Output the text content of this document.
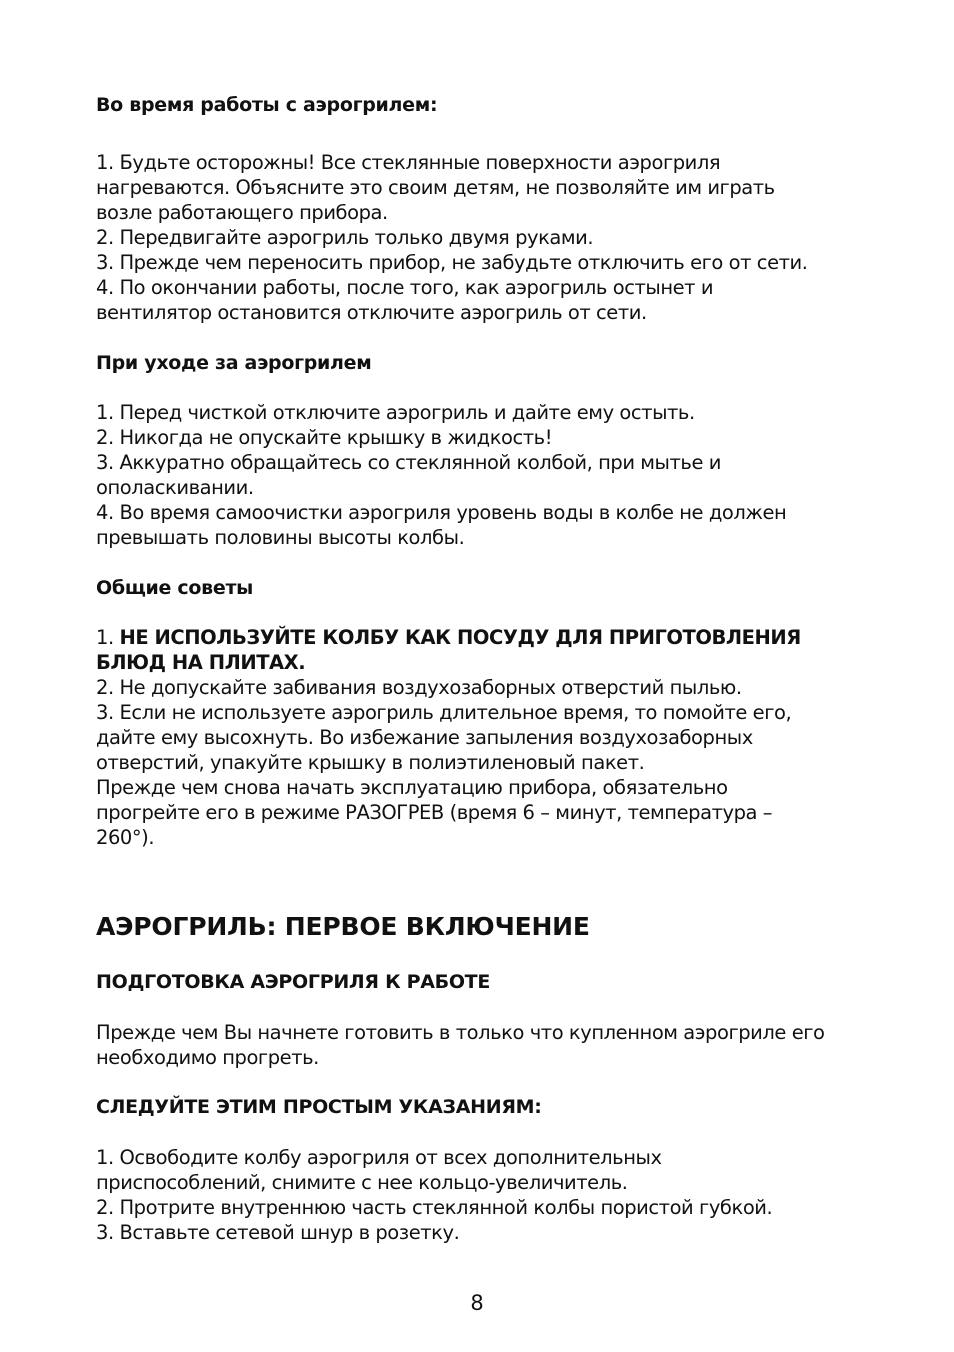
Во время работы с аэрогрилем:
1. Будьте осторожны! Все стеклянные поверхности аэрогриля
нагреваются. Объясните это своим детям, не позволяйте им играть
возле работающего прибора.
2. Передвигайте аэрогриль только двумя руками.
3. Прежде чем переносить прибор, не забудьте отключить его от сети.
4. По окончании работы, после того, как аэрогриль остынет и
вентилятор остановится отключите аэрогриль от сети.
При уходе за аэрогрилем
1. Перед чисткой отключите аэрогриль и дайте ему остыть.
2. Никогда не опускайте крышку в жидкость!
3. Аккуратно обращайтесь со стеклянной колбой, при мытье и
ополаскивании.
4. Во время самоочистки аэрогриля уровень воды в колбе не должен
превышать половины высоты колбы.
Общие советы
1. НЕ ИСПОЛЬЗУЙТЕ КОЛБУ КАК ПОСУДУ ДЛЯ ПРИГОТОВЛЕНИЯ
БЛЮД НА ПЛИТАХ.
2. Не допускайте забивания воздухозаборных отверстий пылью.
3. Если не используете аэрогриль длительное время, то помойте его,
дайте ему высохнуть. Во избежание запыления воздухозаборных
отверстий, упакуйте крышку в полиэтиленовый пакет.
Прежде чем снова начать эксплуатацию прибора, обязательно
прогрейте его в режиме РАЗОГРЕВ (время 6 – минут, температура –
260°).
АЭРОГРИЛЬ: ПЕРВОЕ ВКЛЮЧЕНИЕ
ПОДГОТОВКА АЭРОГРИЛЯ К РАБОТЕ
Прежде чем Вы начнете готовить в только что купленном аэрогриле его
необходимо прогреть.
СЛЕДУЙТЕ ЭТИМ ПРОСТЫМ УКАЗАНИЯМ:
1. Освободите колбу аэрогриля от всех дополнительных
приспособлений, снимите с нее кольцо-увеличитель.
2. Протрите внутреннюю часть стеклянной колбы пористой губкой.
3. Вставьте сетевой шнур в розетку.
8
